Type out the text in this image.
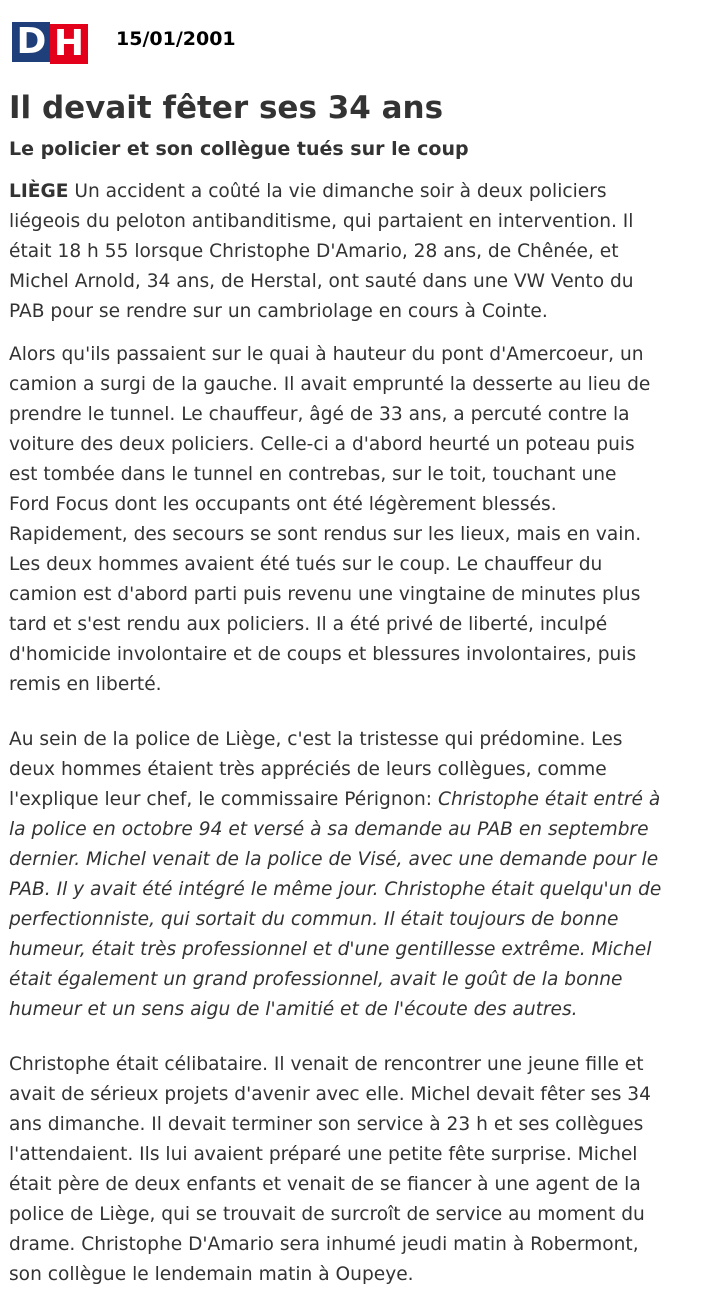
D H 15/01/2001
Il devait fêter ses 34 ans
Le policier et son collègue tués sur le coup

LIÈGE Un accident a coûté la vie dimanche soir à deux policiers
liégeois du peloton antibanditisme, qui partaient en intervention. Il
était 18 h 55 lorsque Christophe D'Amario, 28 ans, de Chênée, et
Michel Arnold, 34 ans, de Herstal, ont sauté dans une VW Vento du
PAB pour se rendre sur un cambriolage en cours à Cointe.

Alors qu'ils passaient sur le quai à hauteur du pont d'Amercoeur, un
camion a surgi de la gauche. Il avait emprunté la desserte au lieu de
prendre le tunnel. Le chauffeur, âgé de 33 ans, a percuté contre la
voiture des deux policiers. Celle-ci a d'abord heurté un poteau puis
est tombée dans le tunnel en contrebas, sur le toit, touchant une
Ford Focus dont les occupants ont été légèrement blessés.
Rapidement, des secours se sont rendus sur les lieux, mais en vain.
Les deux hommes avaient été tués sur le coup. Le chauffeur du
camion est d'abord parti puis revenu une vingtaine de minutes plus
tard et s'est rendu aux policiers. Il a été privé de liberté, inculpé
d'homicide involontaire et de coups et blessures involontaires, puis
remis en liberté.

Au sein de la police de Liège, c'est la tristesse qui prédomine. Les
deux hommes étaient très appréciés de leurs collègues, comme
l'explique leur chef, le commissaire Pérignon: Christophe était entré à
la police en octobre 94 et versé à sa demande au PAB en septembre
dernier. Michel venait de la police de Visé, avec une demande pour le
PAB. Il y avait été intégré le même jour. Christophe était quelqu'un de
perfectionniste, qui sortait du commun. Il était toujours de bonne
humeur, était très professionnel et d'une gentillesse extrême. Michel
était également un grand professionnel, avait le goût de la bonne
humeur et un sens aigu de l'amitié et de l'écoute des autres.

Christophe était célibataire. Il venait de rencontrer une jeune fille et
avait de sérieux projets d'avenir avec elle. Michel devait fêter ses 34
ans dimanche. Il devait terminer son service à 23 h et ses collègues
l'attendaient. Ils lui avaient préparé une petite fête surprise. Michel
était père de deux enfants et venait de se fiancer à une agent de la
police de Liège, qui se trouvait de surcroît de service au moment du
drame. Christophe D'Amario sera inhumé jeudi matin à Robermont,
son collègue le lendemain matin à Oupeye.
